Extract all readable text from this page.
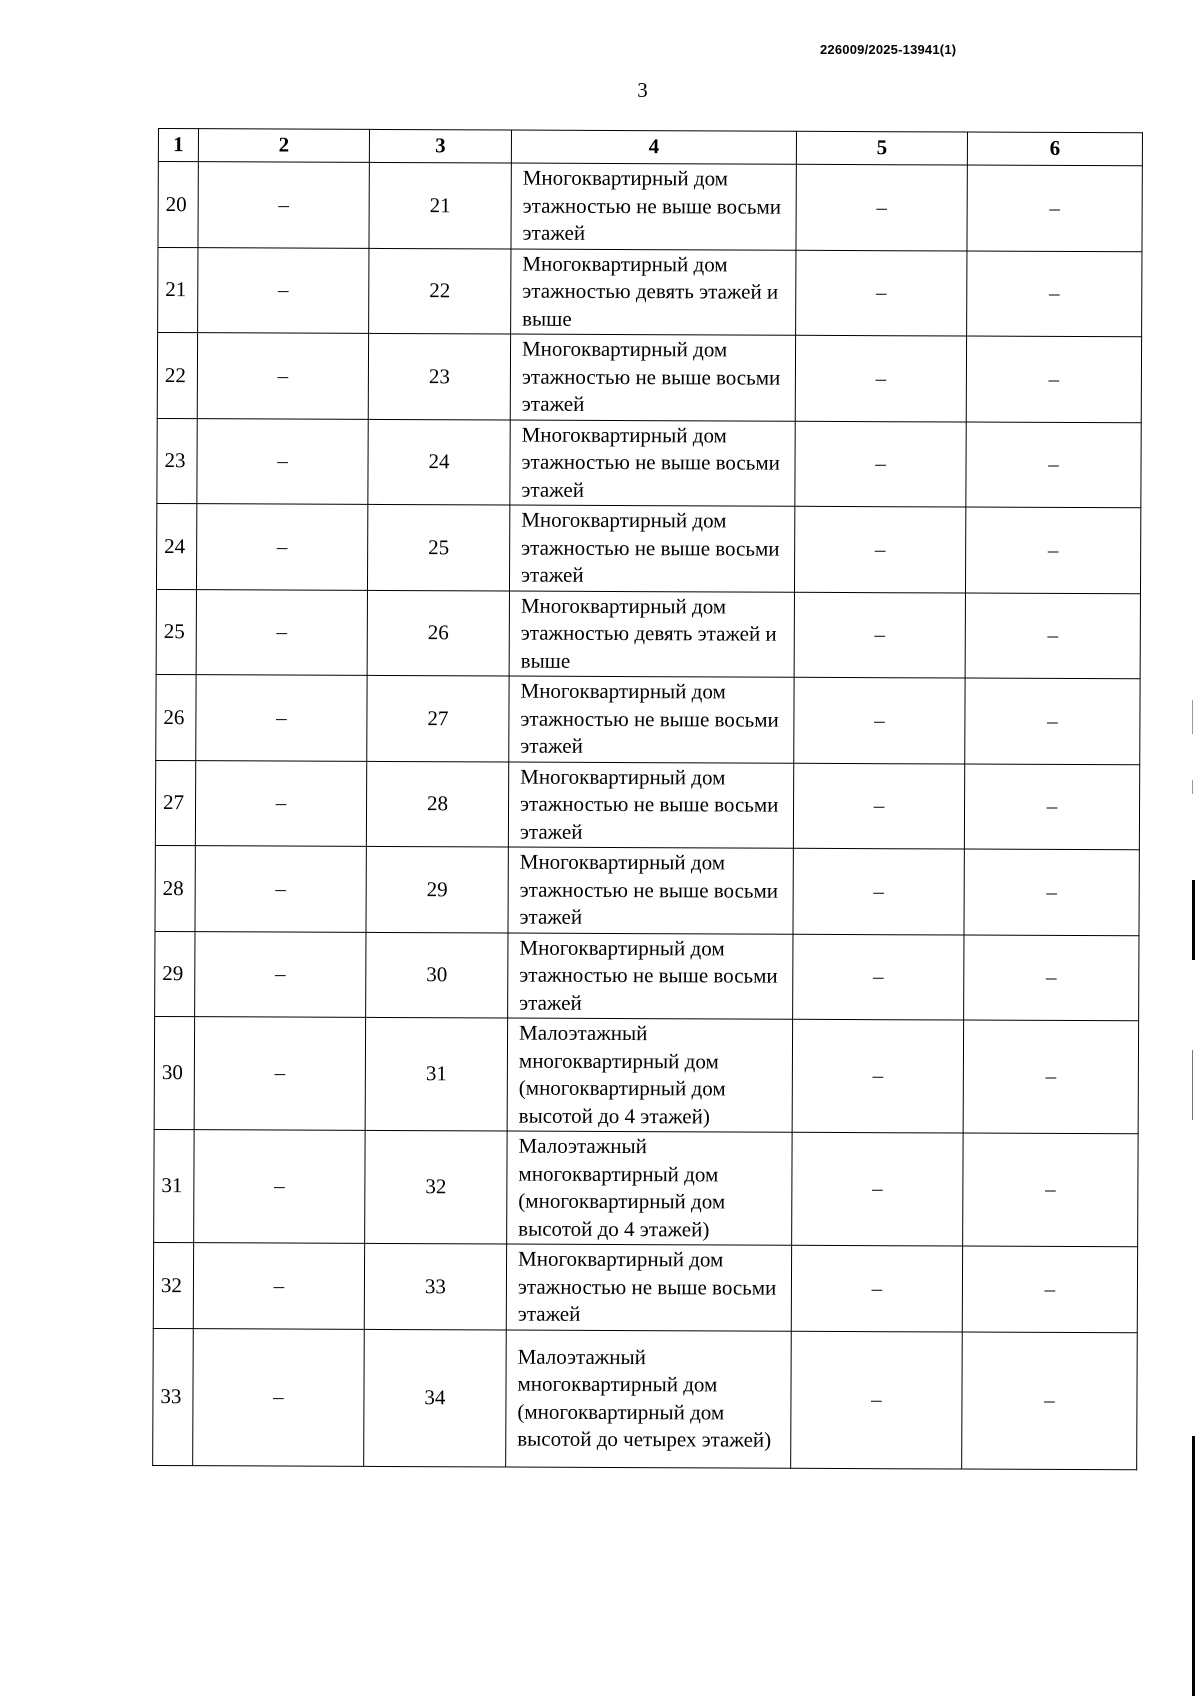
226009/2025-13941(1)
3
1	2	3	4	5	6
20	–	21	Многоквартирный дом этажностью не выше восьми этажей	–	–
21	–	22	Многоквартирный дом этажностью девять этажей и выше	–	–
22	–	23	Многоквартирный дом этажностью не выше восьми этажей	–	–
23	–	24	Многоквартирный дом этажностью не выше восьми этажей	–	–
24	–	25	Многоквартирный дом этажностью не выше восьми этажей	–	–
25	–	26	Многоквартирный дом этажностью девять этажей и выше	–	–
26	–	27	Многоквартирный дом этажностью не выше восьми этажей	–	–
27	–	28	Многоквартирный дом этажностью не выше восьми этажей	–	–
28	–	29	Многоквартирный дом этажностью не выше восьми этажей	–	–
29	–	30	Многоквартирный дом этажностью не выше восьми этажей	–	–
30	–	31	Малоэтажный многоквартирный дом (многоквартирный дом высотой до 4 этажей)	–	–
31	–	32	Малоэтажный многоквартирный дом (многоквартирный дом высотой до 4 этажей)	–	–
32	–	33	Многоквартирный дом этажностью не выше восьми этажей	–	–
33	–	34	Малоэтажный многоквартирный дом (многоквартирный дом высотой до четырех этажей)	–	–
